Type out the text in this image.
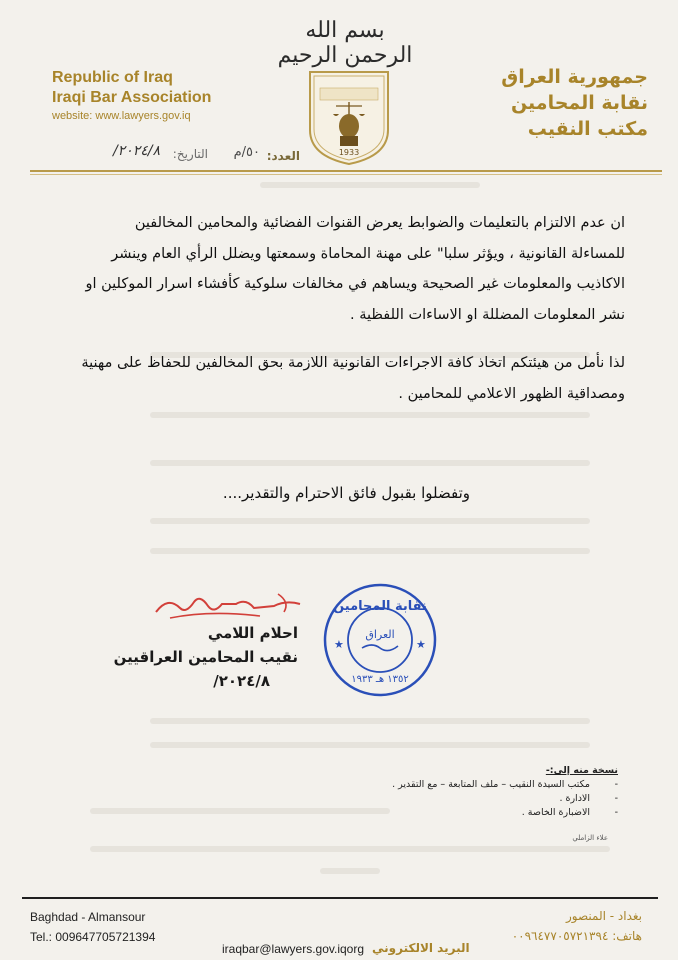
بسم الله الرحمن الرحيم
Republic of Iraq
Iraqi Bar Association
website: www.lawyers.gov.iq
جمهورية العراق
نقابة المحامين
مكتب النقيب
1933
العدد:
٥٠/م
التاريخ:
٢٠٢٤/٨/

ان عدم الالتزام بالتعليمات والضوابط يعرض القنوات الفضائية والمحامين المخالفين

للمساءلة القانونية ، ويؤثر سلبا" على مهنة المحاماة وسمعتها ويضلل الرأي العام وينشر

الاكاذيب والمعلومات غير الصحيحة ويساهم في مخالفات سلوكية كأفشاء اسرار الموكلين او

نشر المعلومات المضللة او الاساءات اللفظية .

لذا نأمل من هيئتكم اتخاذ كافة الاجراءات القانونية اللازمة بحق المخالفين للحفاظ على مهنية

ومصداقية الظهور الاعلامي للمحامين .

وتفضلوا بقبول فائق الاحترام والتقدير....
احلام اللامي
نقيب المحامين العراقيين
٢٠٢٤/٨/
نقابة المحامين
العراق
١٣٥٢ هـ ١٩٣٣
★	★
نسخة منه إلى:-
-
مكتب السيدة النقيب – ملف المتابعة – مع التقدير .
-
الادارة .
-
الاضبارة الخاصة .
علاء الزاملي
Baghdad - Almansour
Tel.: 009647705721394
بغداد - المنصور
هاتف: ٠٠٩٦٤٧٧٠٥٧٢١٣٩٤
iraqbar@lawyers.gov.iqorg البريد الالكتروني
